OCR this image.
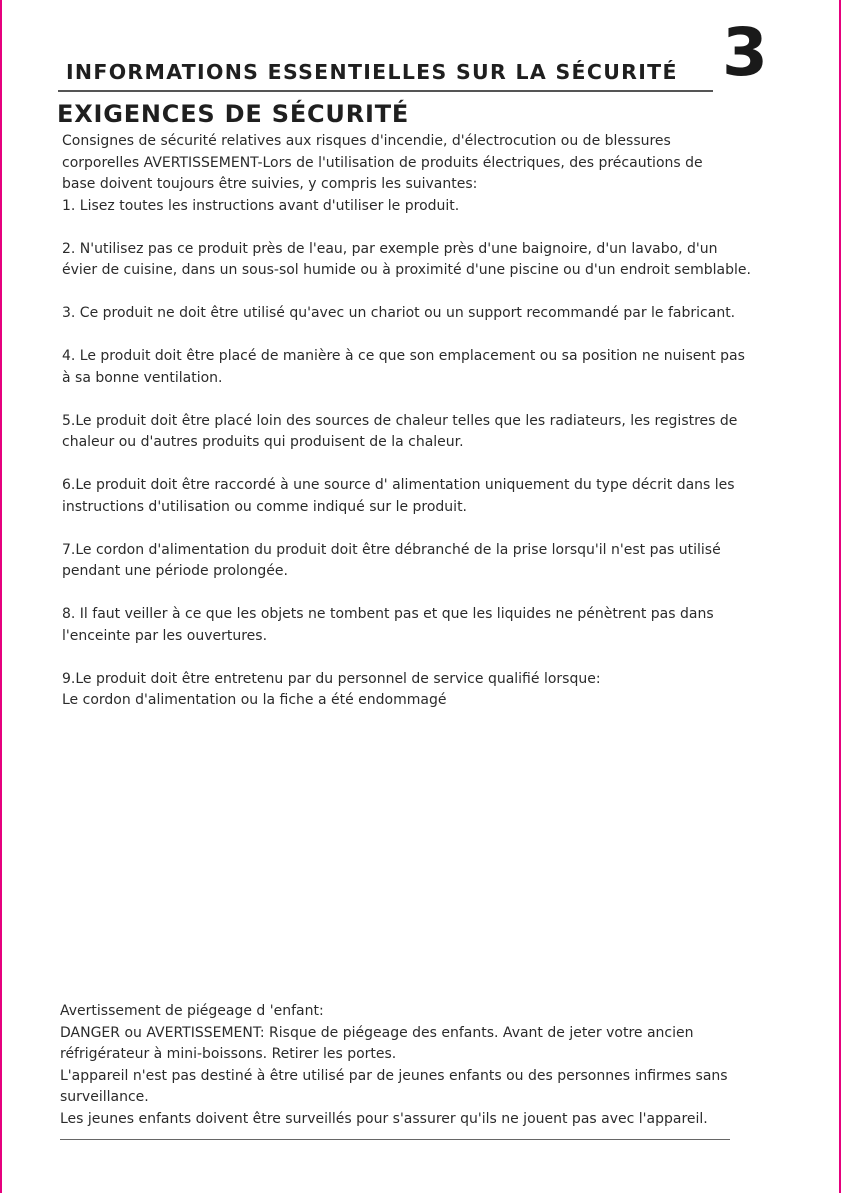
INFORMATIONS ESSENTIELLES SUR LA SÉCURITÉ 3
EXIGENCES DE SÉCURITÉ

Consignes de sécurité relatives aux risques d'incendie, d'électrocution ou de blessures
corporelles AVERTISSEMENT-Lors de l'utilisation de produits électriques, des précautions de
base doivent toujours être suivies, y compris les suivantes:

1. Lisez toutes les instructions avant d'utiliser le produit.

2. N'utilisez pas ce produit près de l'eau, par exemple près d'une baignoire, d'un lavabo, d'un
évier de cuisine, dans un sous-sol humide ou à proximité d'une piscine ou d'un endroit semblable.

3. Ce produit ne doit être utilisé qu'avec un chariot ou un support recommandé par le fabricant.

4. Le produit doit être placé de manière à ce que son emplacement ou sa position ne nuisent pas
à sa bonne ventilation.

5.Le produit doit être placé loin des sources de chaleur telles que les radiateurs, les registres de
chaleur ou d'autres produits qui produisent de la chaleur.

6.Le produit doit être raccordé à une source d' alimentation uniquement du type décrit dans les
instructions d'utilisation ou comme indiqué sur le produit.

7.Le cordon d'alimentation du produit doit être débranché de la prise lorsqu'il n'est pas utilisé
pendant une période prolongée.

8. Il faut veiller à ce que les objets ne tombent pas et que les liquides ne pénètrent pas dans
l'enceinte par les ouvertures.

9.Le produit doit être entretenu par du personnel de service qualifié lorsque:
Le cordon d'alimentation ou la fiche a été endommagé

Avertissement de piégeage d 'enfant:

DANGER ou AVERTISSEMENT: Risque de piégeage des enfants. Avant de jeter votre ancien
réfrigérateur à mini-boissons. Retirer les portes.

L'appareil n'est pas destiné à être utilisé par de jeunes enfants ou des personnes infirmes sans
surveillance.

Les jeunes enfants doivent être surveillés pour s'assurer qu'ils ne jouent pas avec l'appareil.
